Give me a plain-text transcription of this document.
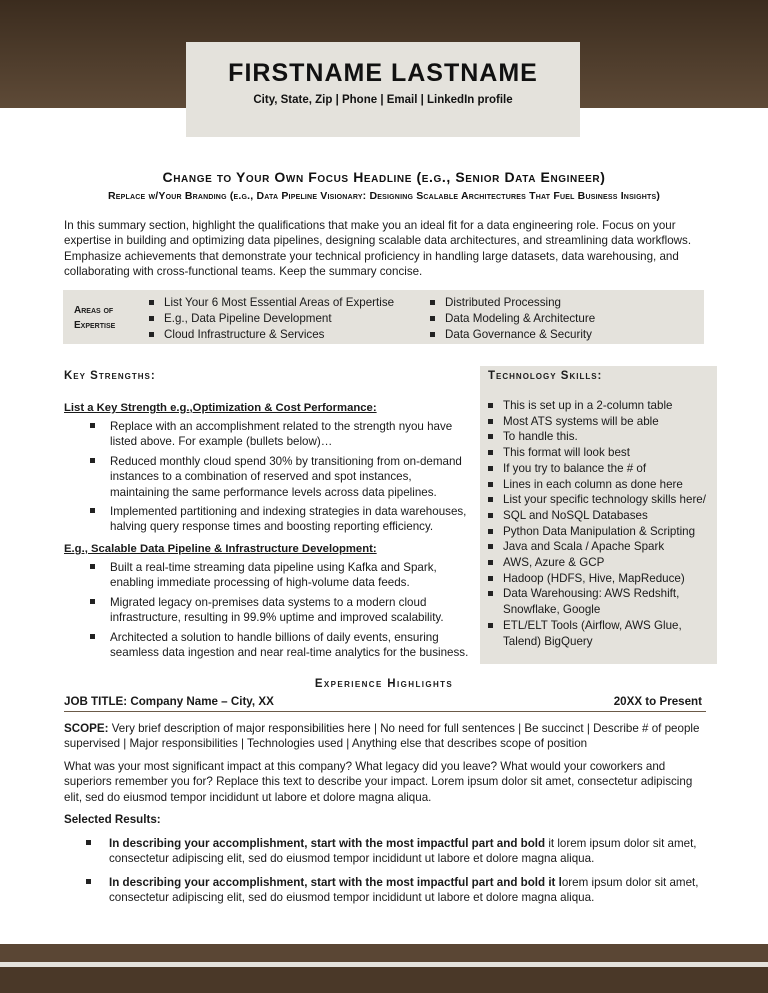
FIRSTNAME LASTNAME
City, State, Zip | Phone | Email | LinkedIn profile
Change to Your Own Focus Headline (e.g., Senior Data Engineer)
Replace w/Your Branding (e.g., Data Pipeline Visionary: Designing Scalable Architectures That Fuel Business Insights)
In this summary section, highlight the qualifications that make you an ideal fit for a data engineering role. Focus on your expertise in building and optimizing data pipelines, designing scalable data architectures, and streamlining data workflows. Emphasize achievements that demonstrate your technical proficiency in handling large datasets, data warehousing, and collaborating with cross-functional teams. Keep the summary concise.
Areas of
Expertise
List Your 6 Most Essential Areas of Expertise
E.g., Data Pipeline Development
Cloud Infrastructure & Services
Distributed Processing
Data Modeling & Architecture
Data Governance & Security
Key Strengths:
List a Key Strength e.g.,Optimization & Cost Performance:
Replace with an accomplishment related to the strength nyou have listed above. For example (bullets below)…
Reduced monthly cloud spend 30% by transitioning from on-demand instances to a combination of reserved and spot instances, maintaining the same performance levels across data pipelines.
Implemented partitioning and indexing strategies in data warehouses, halving query response times and boosting reporting efficiency.
E.g., Scalable Data Pipeline & Infrastructure Development:
Built a real-time streaming data pipeline using Kafka and Spark, enabling immediate processing of high-volume data feeds.
Migrated legacy on-premises data systems to a modern cloud infrastructure, resulting in 99.9% uptime and improved scalability.
Architected a solution to handle billions of daily events, ensuring seamless data ingestion and near real-time analytics for the business.
Technology Skills:
This is set up in a 2-column table
Most ATS systems will be able
To handle this.
This format will look best
If you try to balance the # of
Lines in each column as done here
List your specific technology skills here/
SQL and NoSQL Databases
Python Data Manipulation & Scripting
Java and Scala / Apache Spark
AWS, Azure & GCP
Hadoop (HDFS, Hive, MapReduce)
Data Warehousing: AWS Redshift, Snowflake, Google
ETL/ELT Tools (Airflow, AWS Glue, Talend) BigQuery
Experience Highlights
JOB TITLE: Company Name – City, XX	20XX to Present
SCOPE: Very brief description of major responsibilities here | No need for full sentences | Be succinct | Describe # of people supervised | Major responsibilities | Technologies used | Anything else that describes scope of position
What was your most significant impact at this company? What legacy did you leave? What would your coworkers and superiors remember you for? Replace this text to describe your impact. Lorem ipsum dolor sit amet, consectetur adipiscing elit, sed do eiusmod tempor incididunt ut labore et dolore magna aliqua.
Selected Results:
In describing your accomplishment, start with the most impactful part and bold it lorem ipsum dolor sit amet, consectetur adipiscing elit, sed do eiusmod tempor incididunt ut labore et dolore magna aliqua.
In describing your accomplishment, start with the most impactful part and bold it lorem ipsum dolor sit amet, consectetur adipiscing elit, sed do eiusmod tempor incididunt ut labore et dolore magna aliqua.
